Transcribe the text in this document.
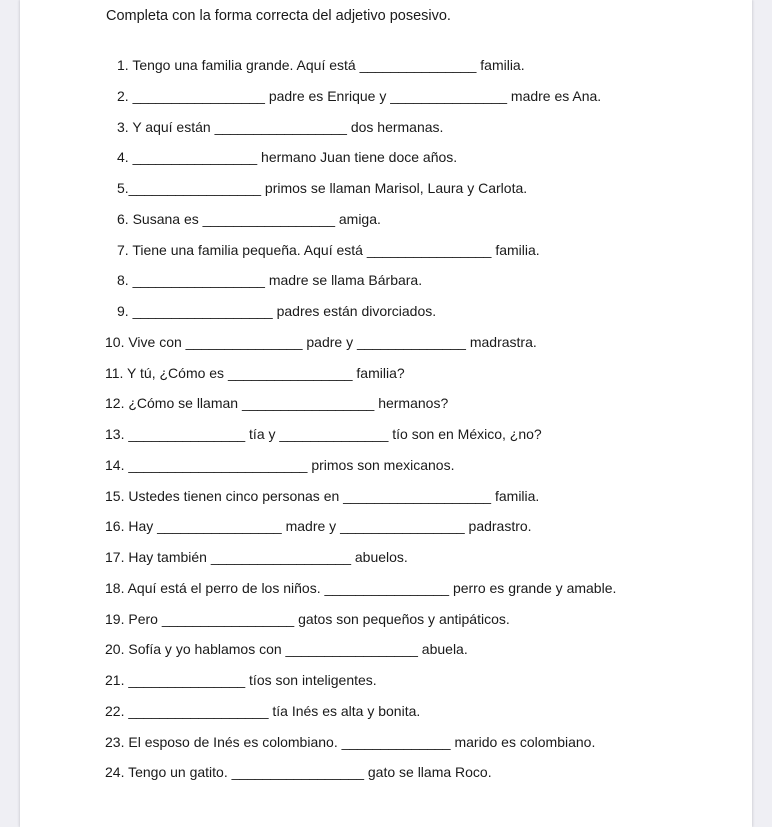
Completa con la forma correcta del adjetivo posesivo.
1. Tengo una familia grande. Aquí está _______________ familia.
2. _________________ padre es Enrique y _______________ madre es Ana.
3. Y aquí están _________________ dos hermanas.
4. ________________ hermano Juan tiene doce años.
5._________________ primos se llaman Marisol, Laura y Carlota.
6. Susana es _________________ amiga.
7. Tiene una familia pequeña. Aquí está ________________ familia.
8. _________________ madre se llama Bárbara.
9. __________________ padres están divorciados.
10. Vive con _______________ padre y ______________ madrastra.
11. Y tú, ¿Cómo es ________________ familia?
12. ¿Cómo se llaman _________________ hermanos?
13. _______________ tía y ______________ tío son en México, ¿no?
14. _______________________ primos son mexicanos.
15. Ustedes tienen cinco personas en ___________________ familia.
16. Hay ________________ madre y ________________ padrastro.
17. Hay también __________________ abuelos.
18. Aquí está el perro de los niños. ________________ perro es grande y amable.
19. Pero _________________ gatos son pequeños y antipáticos.
20. Sofía y yo hablamos con _________________ abuela.
21. _______________ tíos son inteligentes.
22. __________________ tía Inés es alta y bonita.
23. El esposo de Inés es colombiano. ______________ marido es colombiano.
24. Tengo un gatito. _________________ gato se llama Roco.
